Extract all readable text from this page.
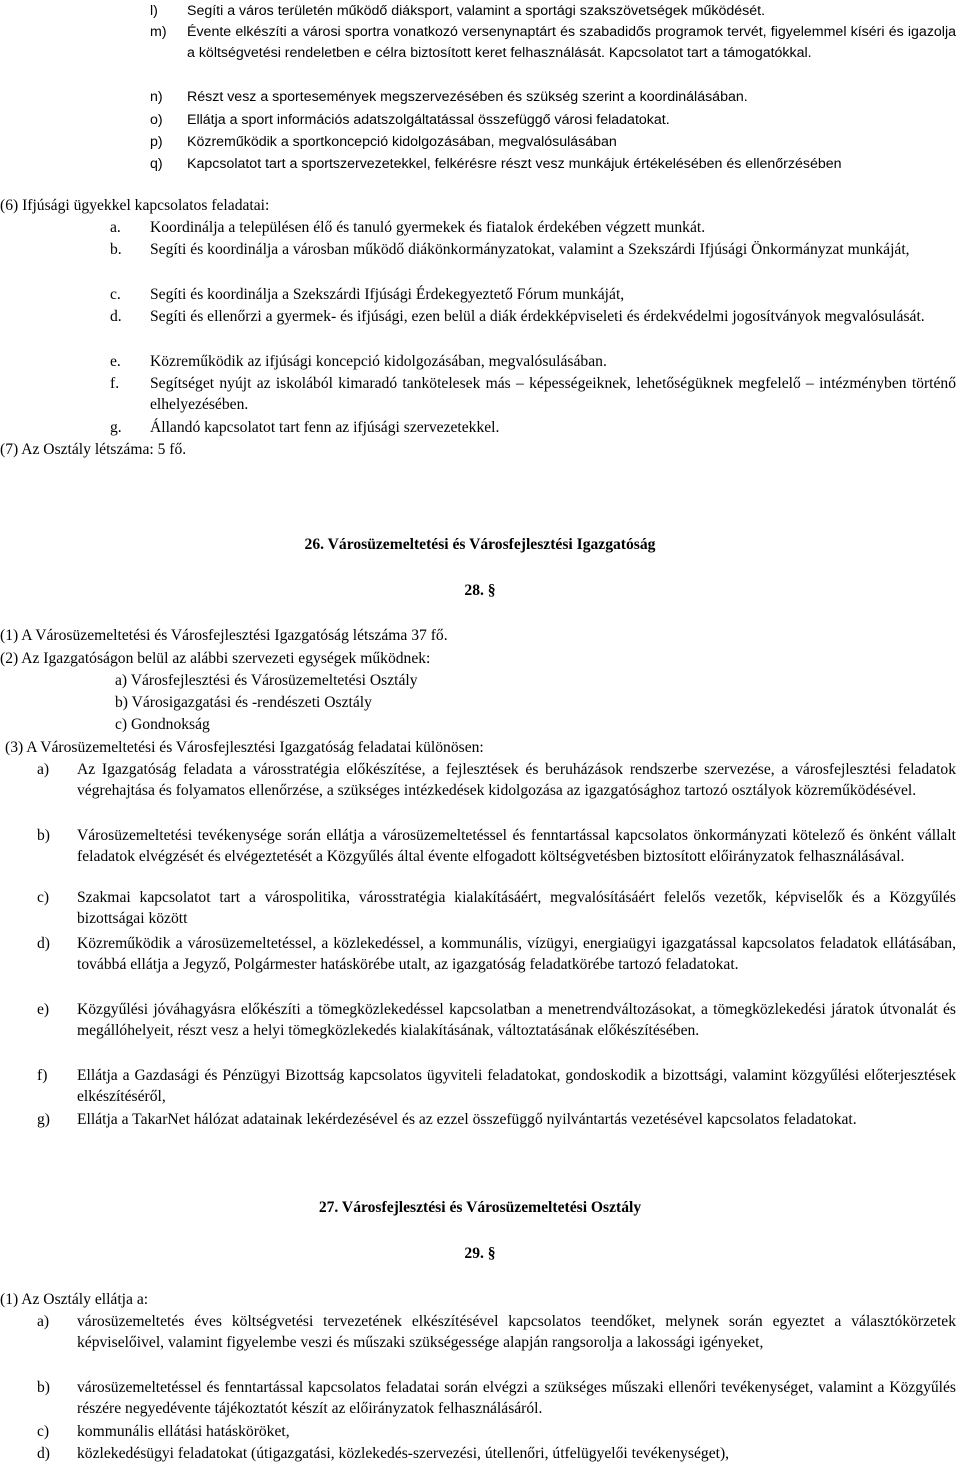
l) Segíti a város területén működő diáksport, valamint a sportági szakszövetségek működését.
m) Évente elkészíti a városi sportra vonatkozó versenynaptárt és szabadidős programok tervét, figyelemmel kíséri és igazolja a költségvetési rendeletben e célra biztosított keret felhasználását. Kapcsolatot tart a támogatókkal.
n) Részt vesz a sportesemények megszervezésében és szükség szerint a koordinálásában.
o) Ellátja a sport információs adatszolgáltatással összefüggő városi feladatokat.
p) Közreműködik a sportkoncepció kidolgozásában, megvalósulásában
q) Kapcsolatot tart a sportszervezetekkel, felkérésre részt vesz munkájuk értékelésében és ellenőrzésében
(6) Ifjúsági ügyekkel kapcsolatos feladatai:
a. Koordinálja a településen élő és tanuló gyermekek és fiatalok érdekében végzett munkát.
b. Segíti és koordinálja a városban működő diákönkormányzatokat, valamint a Szekszárdi Ifjúsági Önkormányzat munkáját,
c. Segíti és koordinálja a Szekszárdi Ifjúsági Érdekegyeztető Fórum munkáját,
d. Segíti és ellenőrzi a gyermek- és ifjúsági, ezen belül a diák érdekképviseleti és érdekvédelmi jogosítványok megvalósulását.
e. Közreműködik az ifjúsági koncepció kidolgozásában, megvalósulásában.
f. Segítséget nyújt az iskolából kimaradó tankötelesek más – képességeiknek, lehetőségüknek megfelelő – intézményben történő elhelyezésében.
g. Állandó kapcsolatot tart fenn az ifjúsági szervezetekkel.
(7) Az Osztály létszáma: 5 fő.
26. Városüzemeltetési és Városfejlesztési Igazgatóság
28. §
(1) A Városüzemeltetési és Városfejlesztési Igazgatóság létszáma 37 fő.
(2) Az Igazgatóságon belül az alábbi szervezeti egységek működnek:
a) Városfejlesztési és Városüzemeltetési Osztály
b) Városigazgatási és -rendészeti Osztály
c) Gondnokság
(3) A Városüzemeltetési és Városfejlesztési Igazgatóság feladatai különösen:
a) Az Igazgatóság feladata a városstratégia előkészítése, a fejlesztések és beruházások rendszerbe szervezése, a városfejlesztési feladatok végrehajtása és folyamatos ellenőrzése, a szükséges intézkedések kidolgozása az igazgatósághoz tartozó osztályok közreműködésével.
b) Városüzemeltetési tevékenysége során ellátja a városüzemeltetéssel és fenntartással kapcsolatos önkormányzati kötelező és önként vállalt feladatok elvégzését és elvégeztetését a Közgyűlés által évente elfogadott költségvetésben biztosított előirányzatok felhasználásával.
c) Szakmai kapcsolatot tart a várospolitika, városstratégia kialakításáért, megvalósításáért felelős vezetők, képviselők és a Közgyűlés bizottságai között
d) Közreműködik a városüzemeltetéssel, a közlekedéssel, a kommunális, vízügyi, energiaügyi igazgatással kapcsolatos feladatok ellátásában, továbbá ellátja a Jegyző, Polgármester hatáskörébe utalt, az igazgatóság feladatkörébe tartozó feladatokat.
e) Közgyűlési jóváhagyásra előkészíti a tömegközlekedéssel kapcsolatban a menetrendváltozásokat, a tömegközlekedési járatok útvonalát és megállóhelyeit, részt vesz a helyi tömegközlekedés kialakításának, változtatásának előkészítésében.
f) Ellátja a Gazdasági és Pénzügyi Bizottság kapcsolatos ügyviteli feladatokat, gondoskodik a bizottsági, valamint közgyűlési előterjesztések elkészítéséről,
g) Ellátja a TakarNet hálózat adatainak lekérdezésével és az ezzel összefüggő nyilvántartás vezetésével kapcsolatos feladatokat.
27. Városfejlesztési és Városüzemeltetési Osztály
29. §
(1) Az Osztály ellátja a:
a) városüzemeltetés éves költségvetési tervezetének elkészítésével kapcsolatos teendőket, melynek során egyeztet a választókörzetek képviselőivel, valamint figyelembe veszi és műszaki szükségessége alapján rangsorolja a lakossági igényeket,
b) városüzemeltetéssel és fenntartással kapcsolatos feladatai során elvégzi a szükséges műszaki ellenőri tevékenységet, valamint a Közgyűlés részére negyedévente tájékoztatót készít az előirányzatok felhasználásáról.
c) kommunális ellátási hatásköröket,
d) közlekedésügyi feladatokat (útigazgatási, közlekedés-szervezési, útellenőri, útfelügyelői tevékenységet),
